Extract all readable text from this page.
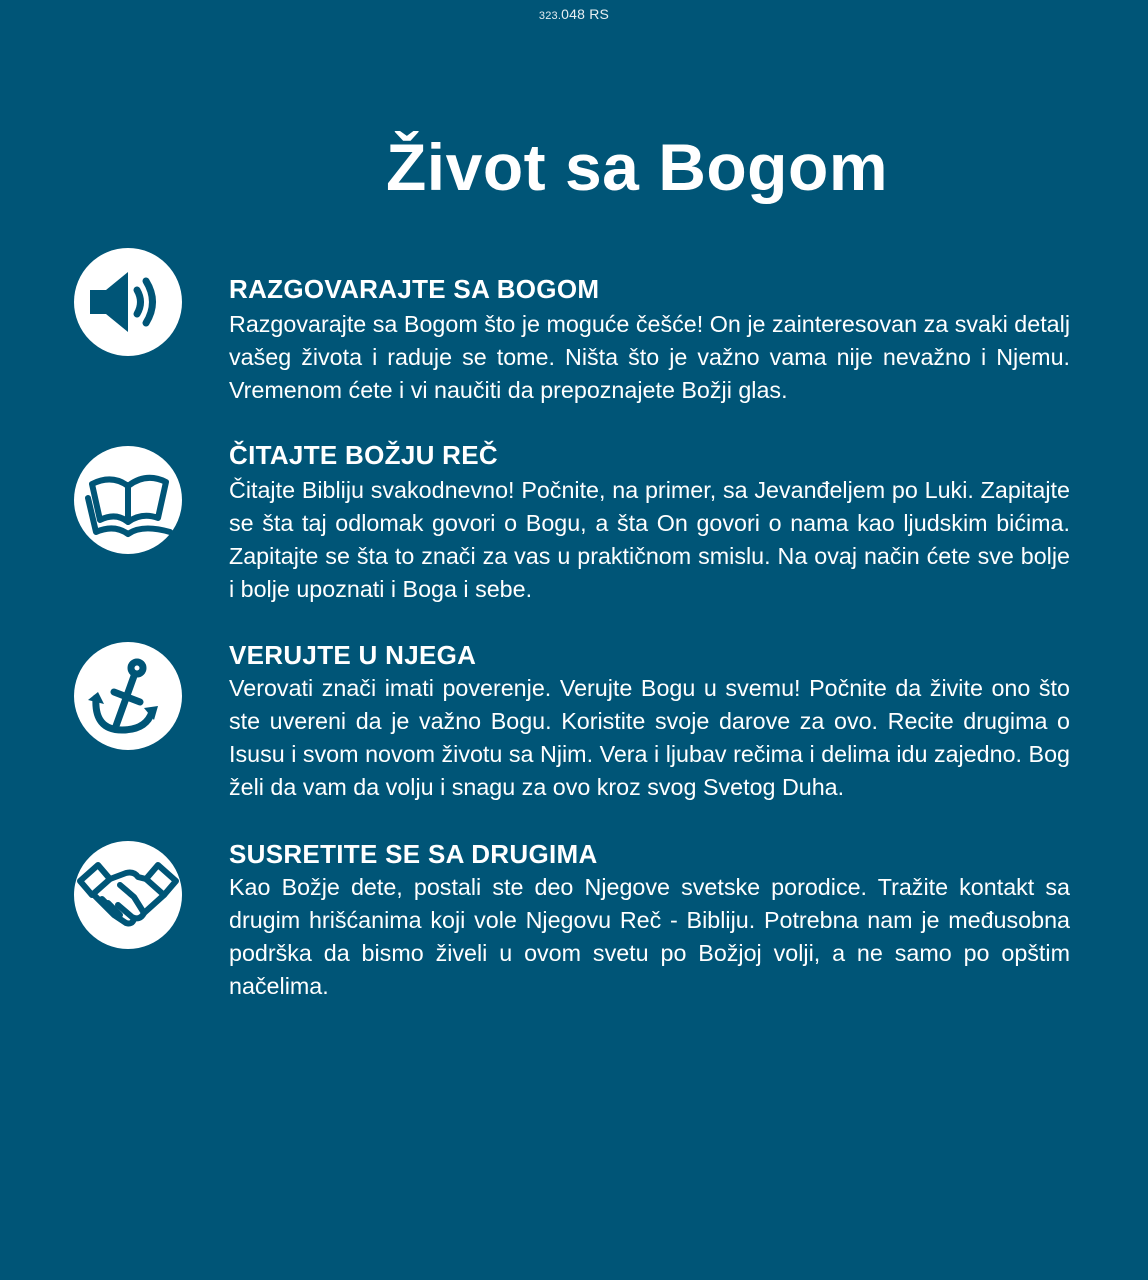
323.048 RS
Život sa Bogom
RAZGOVARAJTE SA BOGOM

Razgovarajte sa Bogom što je moguće češće! On je zainteresovan za svaki detalj vašeg života i raduje se tome. Ništa što je važno vama nije nevažno i Njemu. Vremenom ćete i vi naučiti da prepoznajete Božji glas.

ČITAJTE BOŽJU REČ

Čitajte Bibliju svakodnevno! Počnite, na primer, sa Jevanđeljem po Luki. Zapitajte se šta taj odlomak govori o Bogu, a šta On govori o nama kao ljudskim bićima. Zapitajte se šta to znači za vas u praktičnom smislu. Na ovaj način ćete sve bolje i bolje upoznati i Boga i sebe.

VERUJTE U NJEGA

Verovati znači imati poverenje. Verujte Bogu u svemu! Počnite da živite ono što ste uvereni da je važno Bogu. Koristite svoje darove za ovo. Recite drugima o Isusu i svom novom životu sa Njim. Vera i ljubav rečima i delima idu zajedno. Bog želi da vam da volju i snagu za ovo kroz svog Svetog Duha.

SUSRETITE SE SA DRUGIMA

Kao Božje dete, postali ste deo Njegove svetske porodice. Tražite kontakt sa drugim hrišćanima koji vole Njegovu Reč - Bibliju. Potrebna nam je međusobna podrška da bismo živeli u ovom svetu po Božjoj volji, a ne samo po opštim načelima.
